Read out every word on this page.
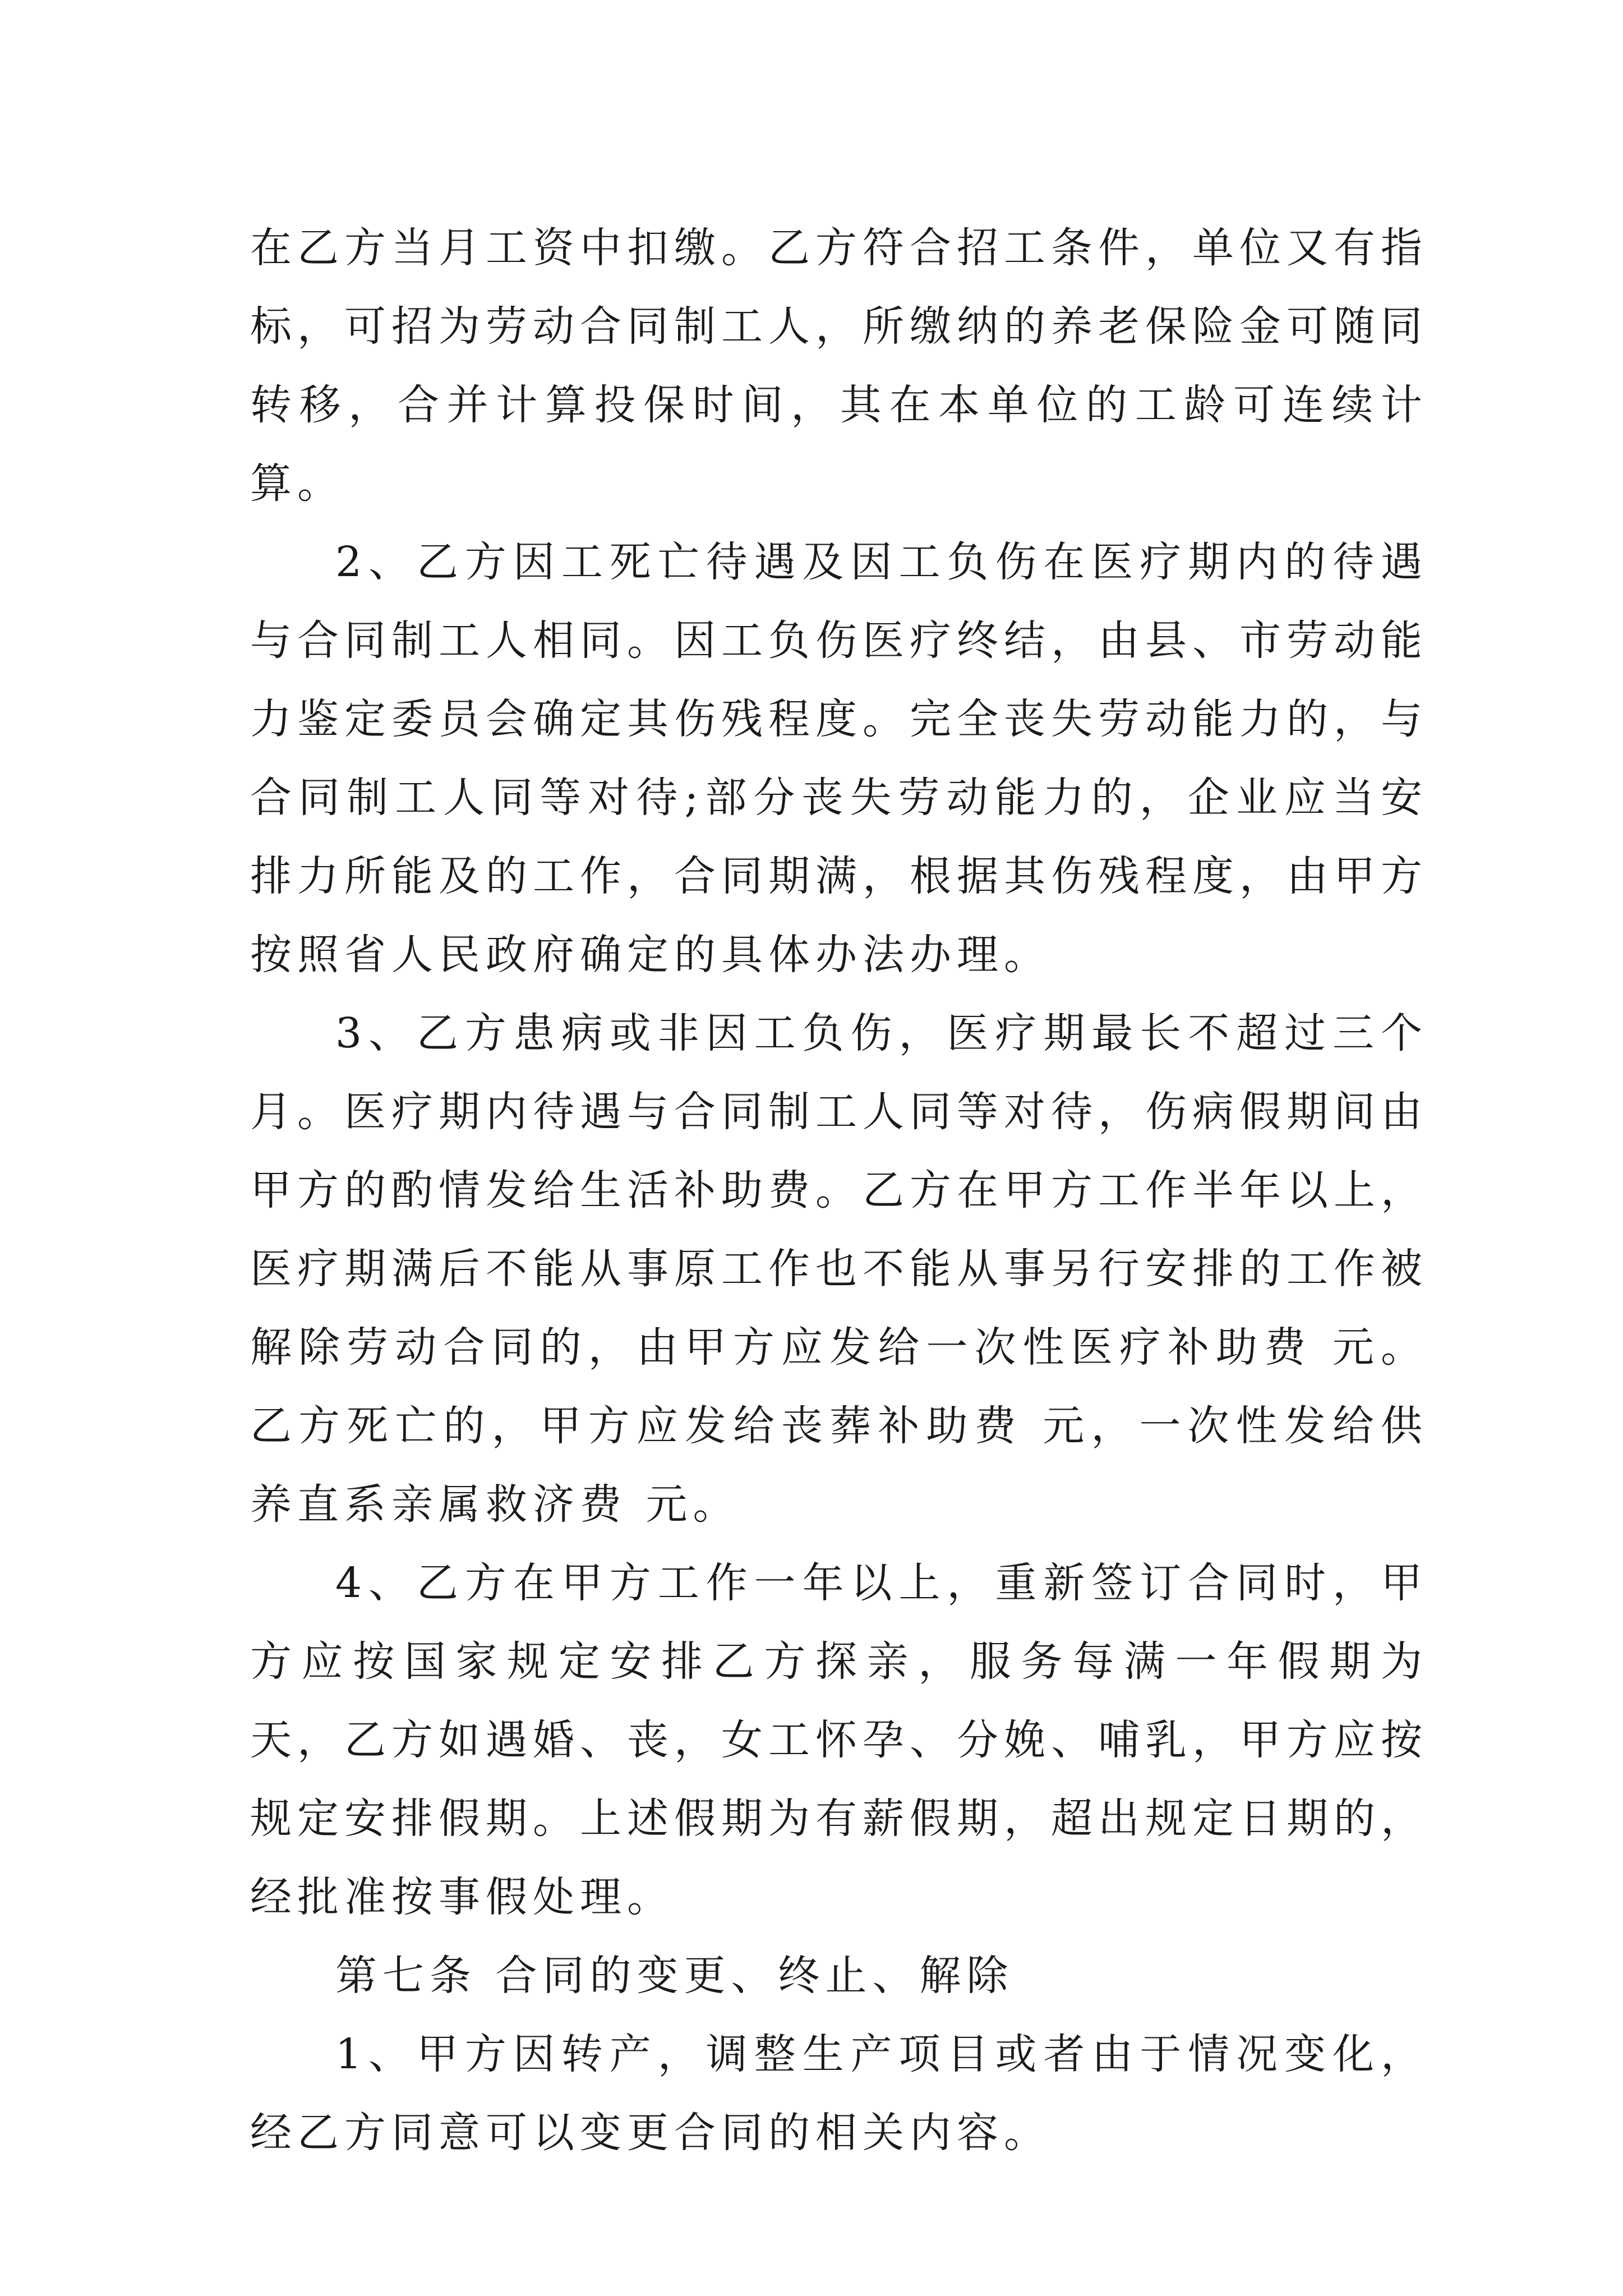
在乙方当月工资中扣缴。乙方符合招工条件，单位又有指标，可招为劳动合同制工人，所缴纳的养老保险金可随同转移，合并计算投保时间，其在本单位的工龄可连续计算。

2、乙方因工死亡待遇及因工负伤在医疗期内的待遇与合同制工人相同。因工负伤医疗终结，由县、市劳动能力鉴定委员会确定其伤残程度。完全丧失劳动能力的，与合同制工人同等对待;部分丧失劳动能力的，企业应当安排力所能及的工作，合同期满，根据其伤残程度，由甲方按照省人民政府确定的具体办法办理。

3、乙方患病或非因工负伤，医疗期最长不超过三个月。医疗期内待遇与合同制工人同等对待，伤病假期间由甲方的酌情发给生活补助费。乙方在甲方工作半年以上，医疗期满后不能从事原工作也不能从事另行安排的工作被解除劳动合同的，由甲方应发给一次性医疗补助费 元。乙方死亡的，甲方应发给丧葬补助费 元，一次性发给供养直系亲属救济费 元。

4、乙方在甲方工作一年以上，重新签订合同时，甲方应按国家规定安排乙方探亲，服务每满一年假期为 天，乙方如遇婚、丧，女工怀孕、分娩、哺乳，甲方应按规定安排假期。上述假期为有薪假期，超出规定日期的，经批准按事假处理。

第七条 合同的变更、终止、解除

1、甲方因转产，调整生产项目或者由于情况变化，经乙方同意可以变更合同的相关内容。
